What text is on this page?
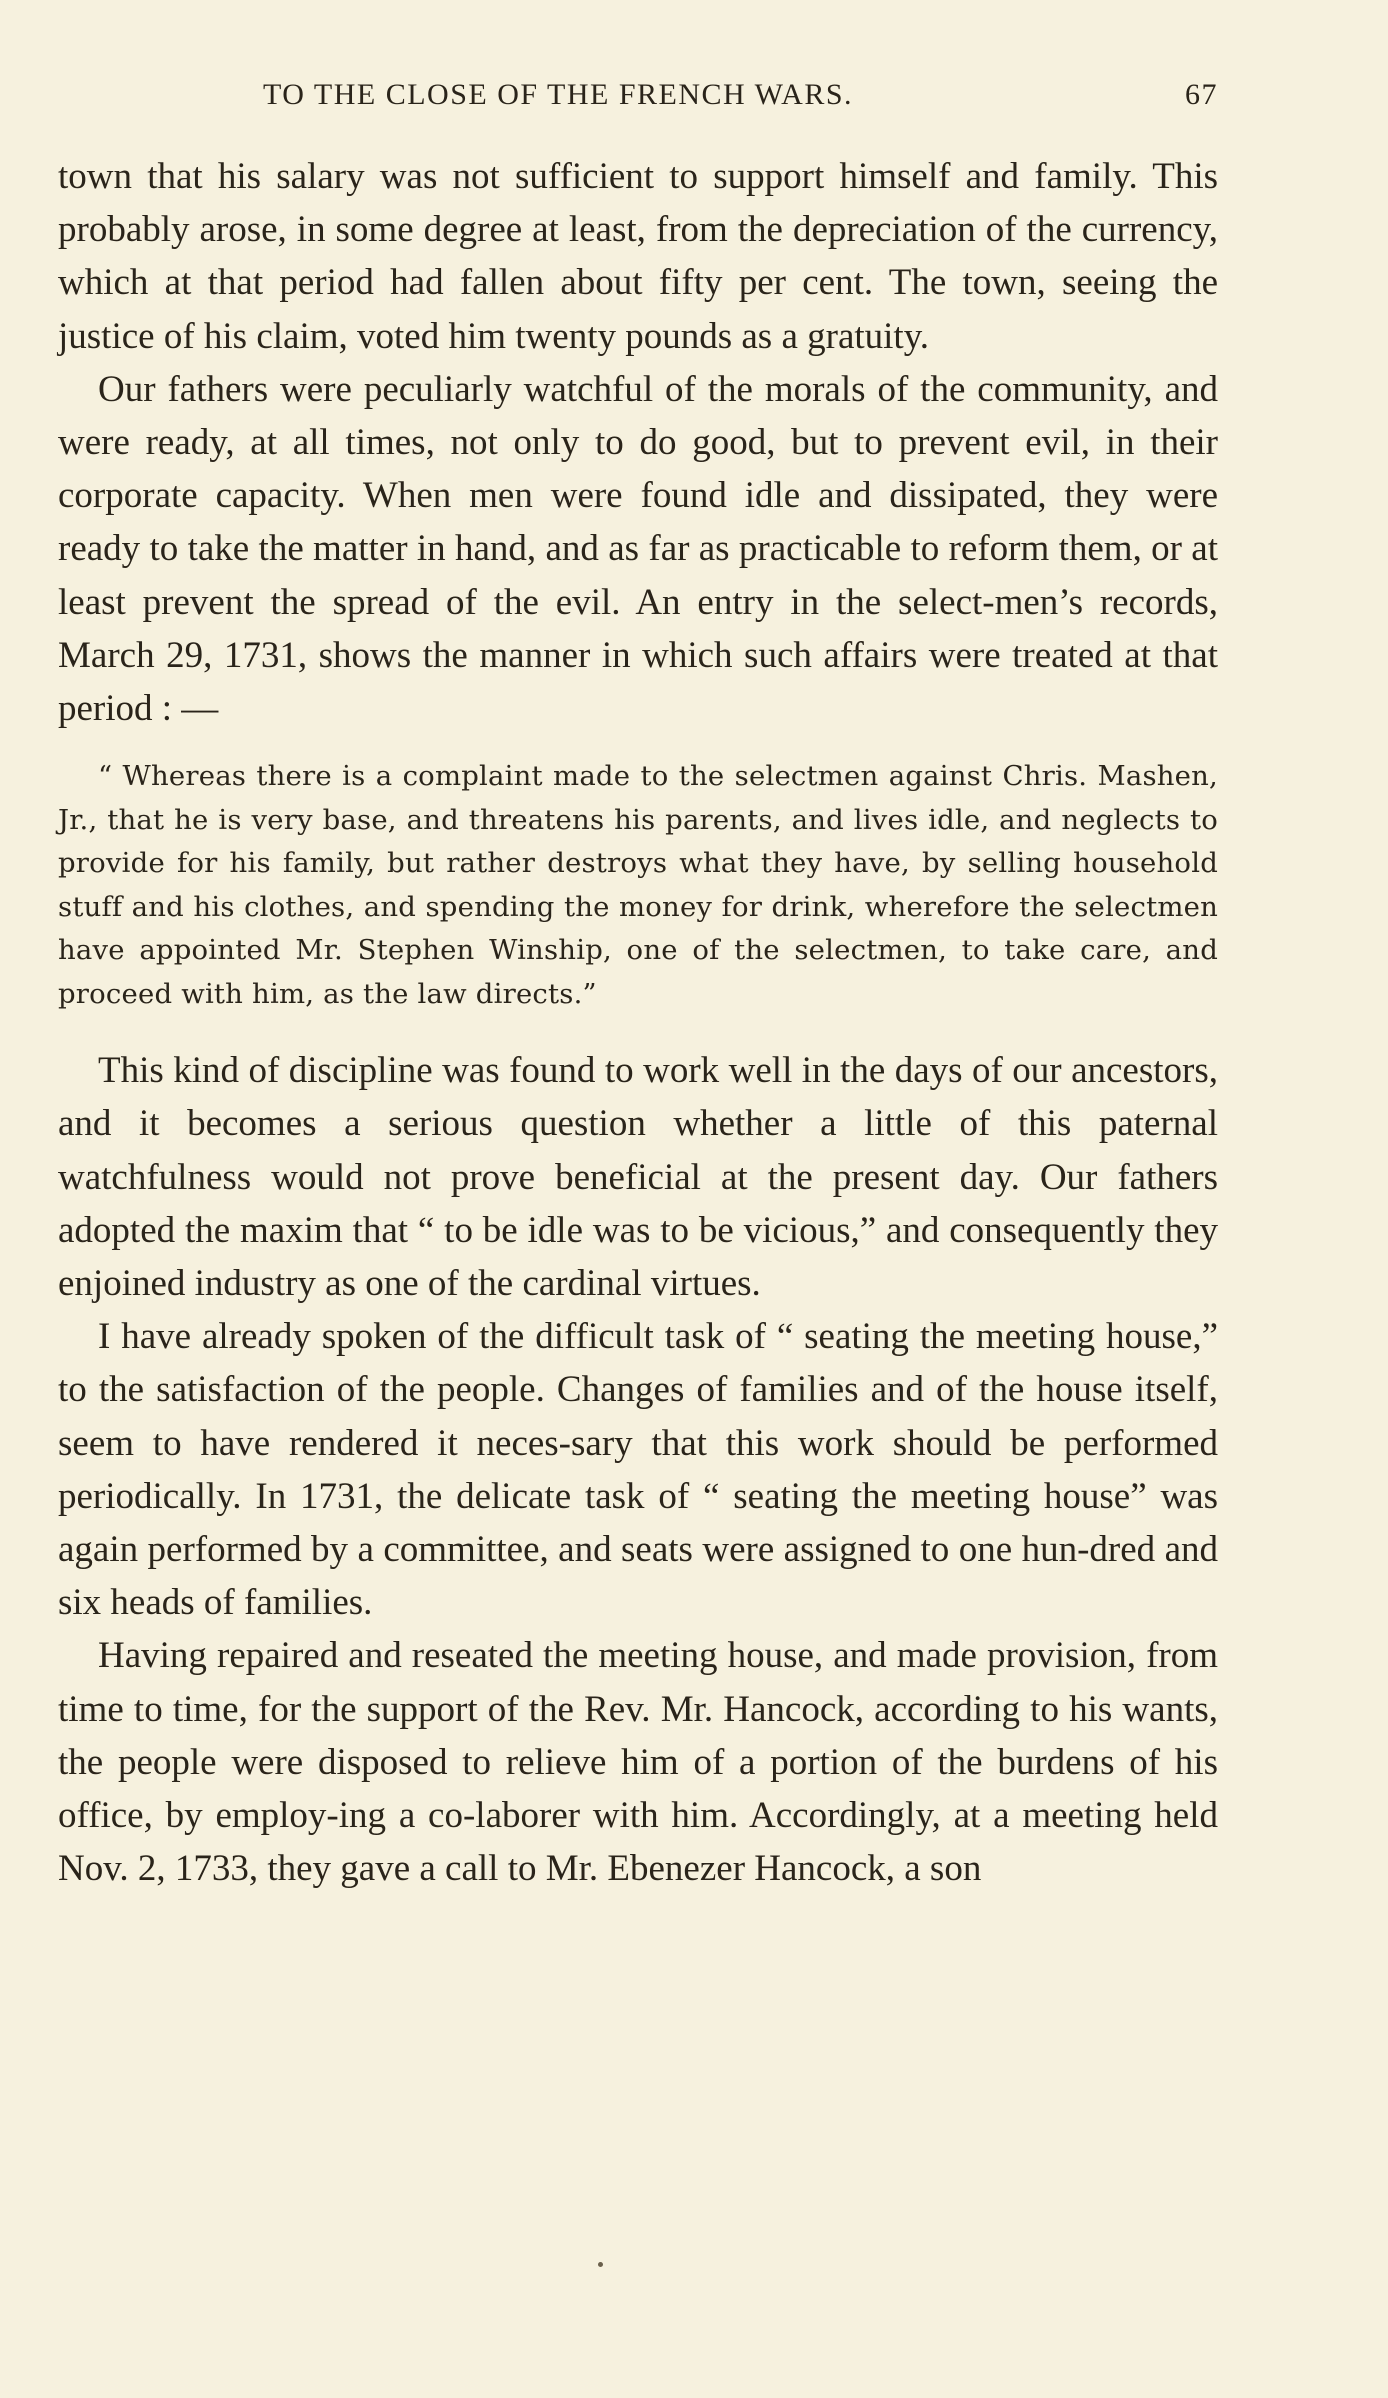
TO THE CLOSE OF THE FRENCH WARS.	67

town that his salary was not sufficient to support himself and family. This probably arose, in some degree at least, from the depreciation of the currency, which at that period had fallen about fifty per cent. The town, seeing the justice of his claim, voted him twenty pounds as a gratuity.

Our fathers were peculiarly watchful of the morals of the community, and were ready, at all times, not only to do good, but to prevent evil, in their corporate capacity. When men were found idle and dissipated, they were ready to take the matter in hand, and as far as practicable to reform them, or at least prevent the spread of the evil. An entry in the select-men’s records, March 29, 1731, shows the manner in which such affairs were treated at that period : —

“ Whereas there is a complaint made to the selectmen against Chris. Mashen, Jr., that he is very base, and threatens his parents, and lives idle, and neglects to provide for his family, but rather destroys what they have, by selling household stuff and his clothes, and spending the money for drink, wherefore the selectmen have appointed Mr. Stephen Winship, one of the selectmen, to take care, and proceed with him, as the law directs.”

This kind of discipline was found to work well in the days of our ancestors, and it becomes a serious question whether a little of this paternal watchfulness would not prove beneficial at the present day. Our fathers adopted the maxim that “ to be idle was to be vicious,” and consequently they enjoined industry as one of the cardinal virtues.

I have already spoken of the difficult task of “ seating the meeting house,” to the satisfaction of the people. Changes of families and of the house itself, seem to have rendered it neces-sary that this work should be performed periodically. In 1731, the delicate task of “ seating the meeting house” was again performed by a committee, and seats were assigned to one hun-dred and six heads of families.

Having repaired and reseated the meeting house, and made provision, from time to time, for the support of the Rev. Mr. Hancock, according to his wants, the people were disposed to relieve him of a portion of the burdens of his office, by employ-ing a co-laborer with him. Accordingly, at a meeting held Nov. 2, 1733, they gave a call to Mr. Ebenezer Hancock, a son
